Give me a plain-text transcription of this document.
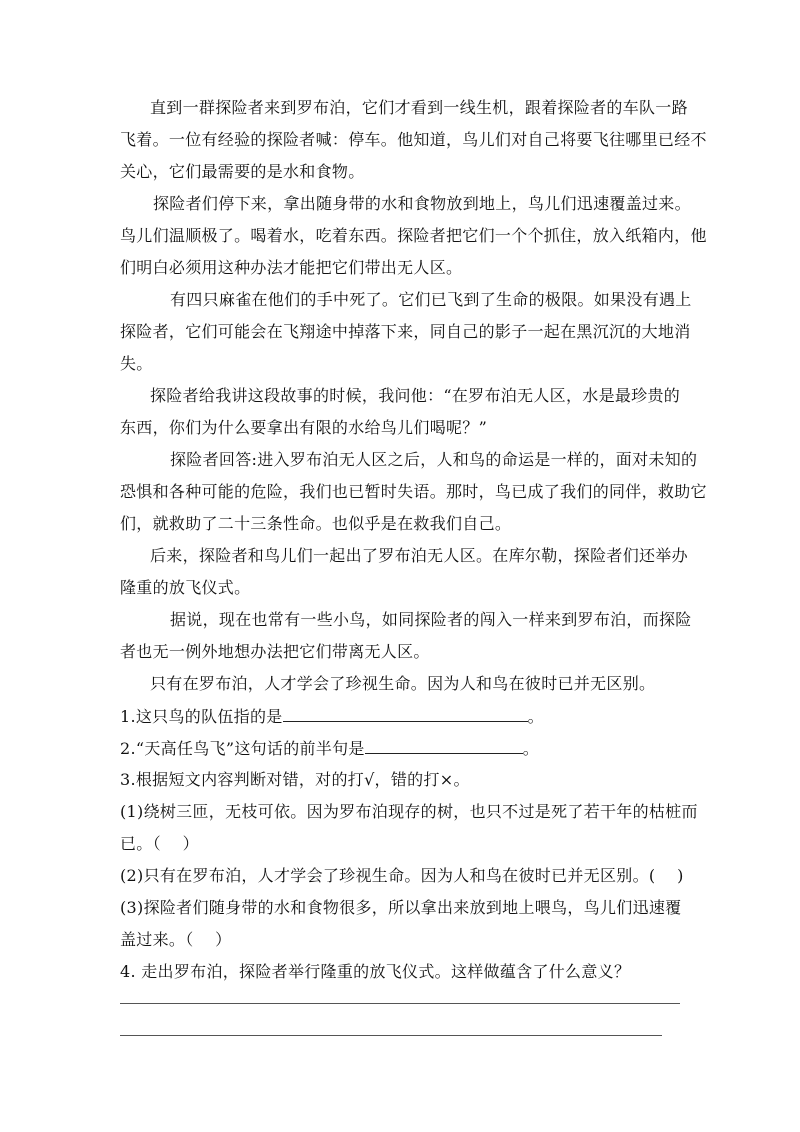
直到一群探险者来到罗布泊，它们才看到一线生机，跟着探险者的车队一路
飞着。一位有经验的探险者喊：停车。他知道，鸟儿们对自己将要飞往哪里已经不
关心，它们最需要的是水和食物。
探险者们停下来，拿出随身带的水和食物放到地上，鸟儿们迅速覆盖过来。
鸟儿们温顺极了。喝着水，吃着东西。探险者把它们一个个抓住，放入纸箱内，他
们明白必须用这种办法才能把它们带出无人区。
有四只麻雀在他们的手中死了。它们已飞到了生命的极限。如果没有遇上
探险者，它们可能会在飞翔途中掉落下来，同自己的影子一起在黑沉沉的大地消
失。
探险者给我讲这段故事的时候，我问他：“在罗布泊无人区，水是最珍贵的
东西，你们为什么要拿出有限的水给鸟儿们喝呢？”
探险者回答:进入罗布泊无人区之后，人和鸟的命运是一样的，面对未知的
恐惧和各种可能的危险，我们也已暂时失语。那时，鸟已成了我们的同伴，救助它
们，就救助了二十三条性命。也似乎是在救我们自己。
后来，探险者和鸟儿们一起出了罗布泊无人区。在库尔勒，探险者们还举办
隆重的放飞仪式。
据说，现在也常有一些小鸟，如同探险者的闯入一样来到罗布泊，而探险
者也无一例外地想办法把它们带离无人区。
只有在罗布泊，人才学会了珍视生命。因为人和鸟在彼时已并无区别。
1.这只鸟的队伍指的是	。
2.“天高任鸟飞”这句话的前半句是	。
3.根据短文内容判断对错，对的打√，错的打×。
(1)绕树三匝，无枝可依。因为罗布泊现存的树，也只不过是死了若干年的枯桩而
已。（　 ）
(2)只有在罗布泊，人才学会了珍视生命。因为人和鸟在彼时已并无区别。(　 )
(3)探险者们随身带的水和食物很多，所以拿出来放到地上喂鸟，鸟儿们迅速覆
盖过来。（　 ）
4. 走出罗布泊，探险者举行隆重的放飞仪式。这样做蕴含了什么意义？
